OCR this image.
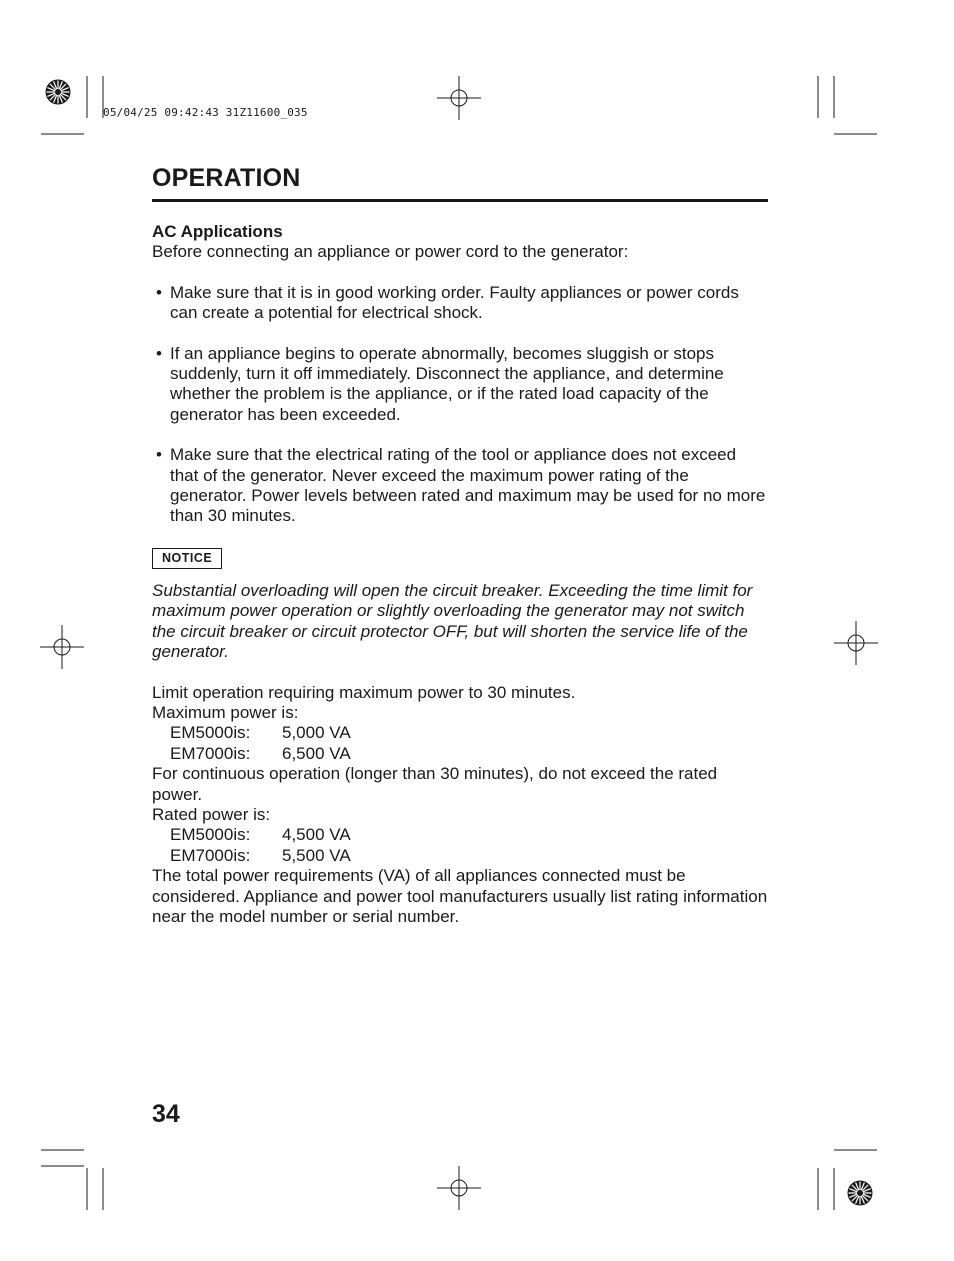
05/04/25 09:42:43 31Z11600_035
OPERATION
AC Applications
Before connecting an appliance or power cord to the generator:
• Make sure that it is in good working order. Faulty appliances or power cords can create a potential for electrical shock.
• If an appliance begins to operate abnormally, becomes sluggish or stops suddenly, turn it off immediately. Disconnect the appliance, and determine whether the problem is the appliance, or if the rated load capacity of the generator has been exceeded.
• Make sure that the electrical rating of the tool or appliance does not exceed that of the generator. Never exceed the maximum power rating of the generator. Power levels between rated and maximum may be used for no more than 30 minutes.
NOTICE
Substantial overloading will open the circuit breaker. Exceeding the time limit for maximum power operation or slightly overloading the generator may not switch the circuit breaker or circuit protector OFF, but will shorten the service life of the generator.
Limit operation requiring maximum power to 30 minutes.
Maximum power is:
EM5000is:	5,000 VA
EM7000is:	6,500 VA
For continuous operation (longer than 30 minutes), do not exceed the rated power.
Rated power is:
EM5000is:	4,500 VA
EM7000is:	5,500 VA
The total power requirements (VA) of all appliances connected must be considered. Appliance and power tool manufacturers usually list rating information near the model number or serial number.
34
